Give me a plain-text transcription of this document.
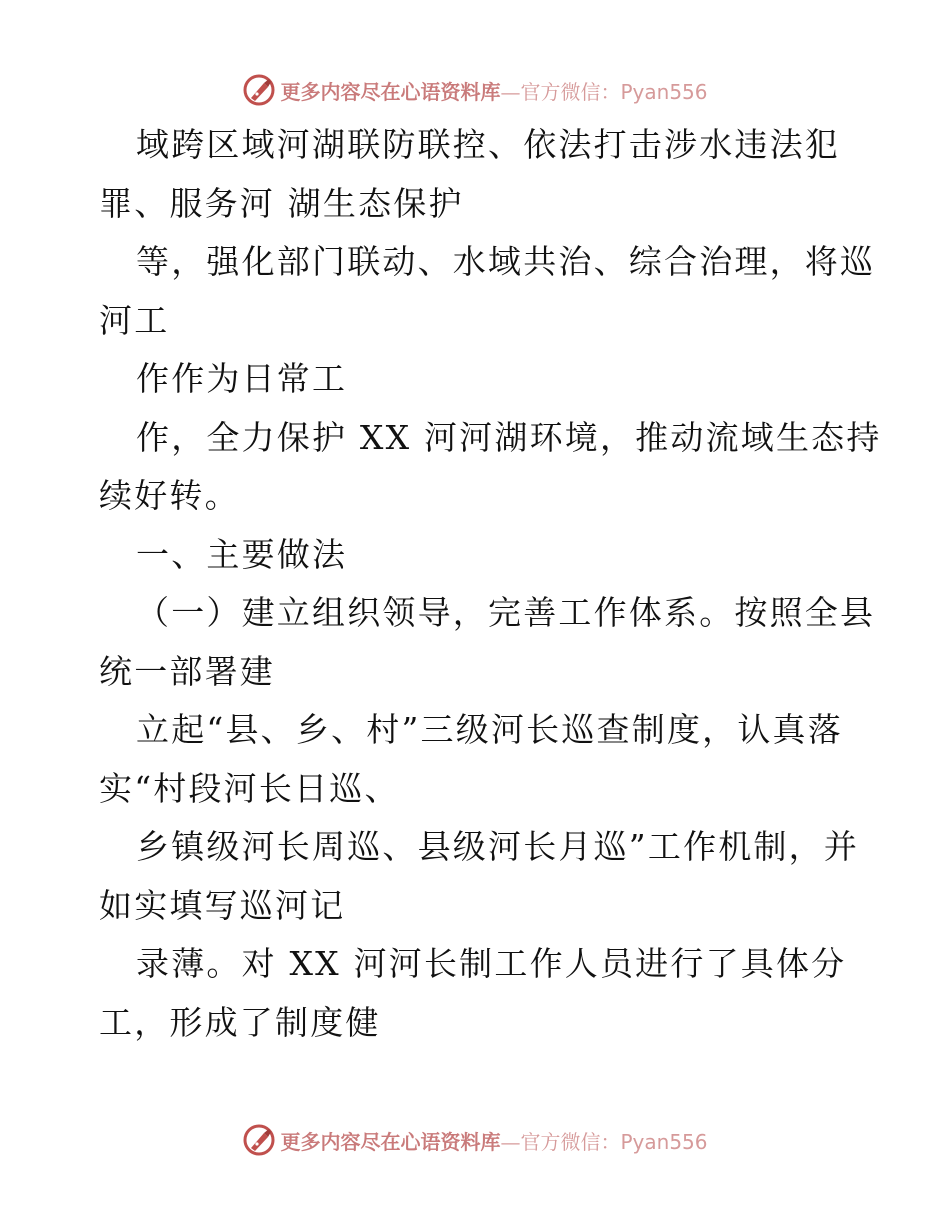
更多内容尽在心语资料库—官方微信：Pyan556
域跨区域河湖联防联控、依法打击涉水违法犯
罪、服务河 湖生态保护
等，强化部门联动、水域共治、综合治理，将巡
河工
作作为日常工
作，全力保护 XX 河河湖环境，推动流域生态持
续好转。
一、主要做法
（一）建立组织领导，完善工作体系。按照全县
统一部署建
立起“县、乡、村”三级河长巡查制度，认真落
实“村段河长日巡、
乡镇级河长周巡、县级河长月巡”工作机制，并
如实填写巡河记
录薄。对 XX 河河长制工作人员进行了具体分
工，形成了制度健
更多内容尽在心语资料库—官方微信：Pyan556
